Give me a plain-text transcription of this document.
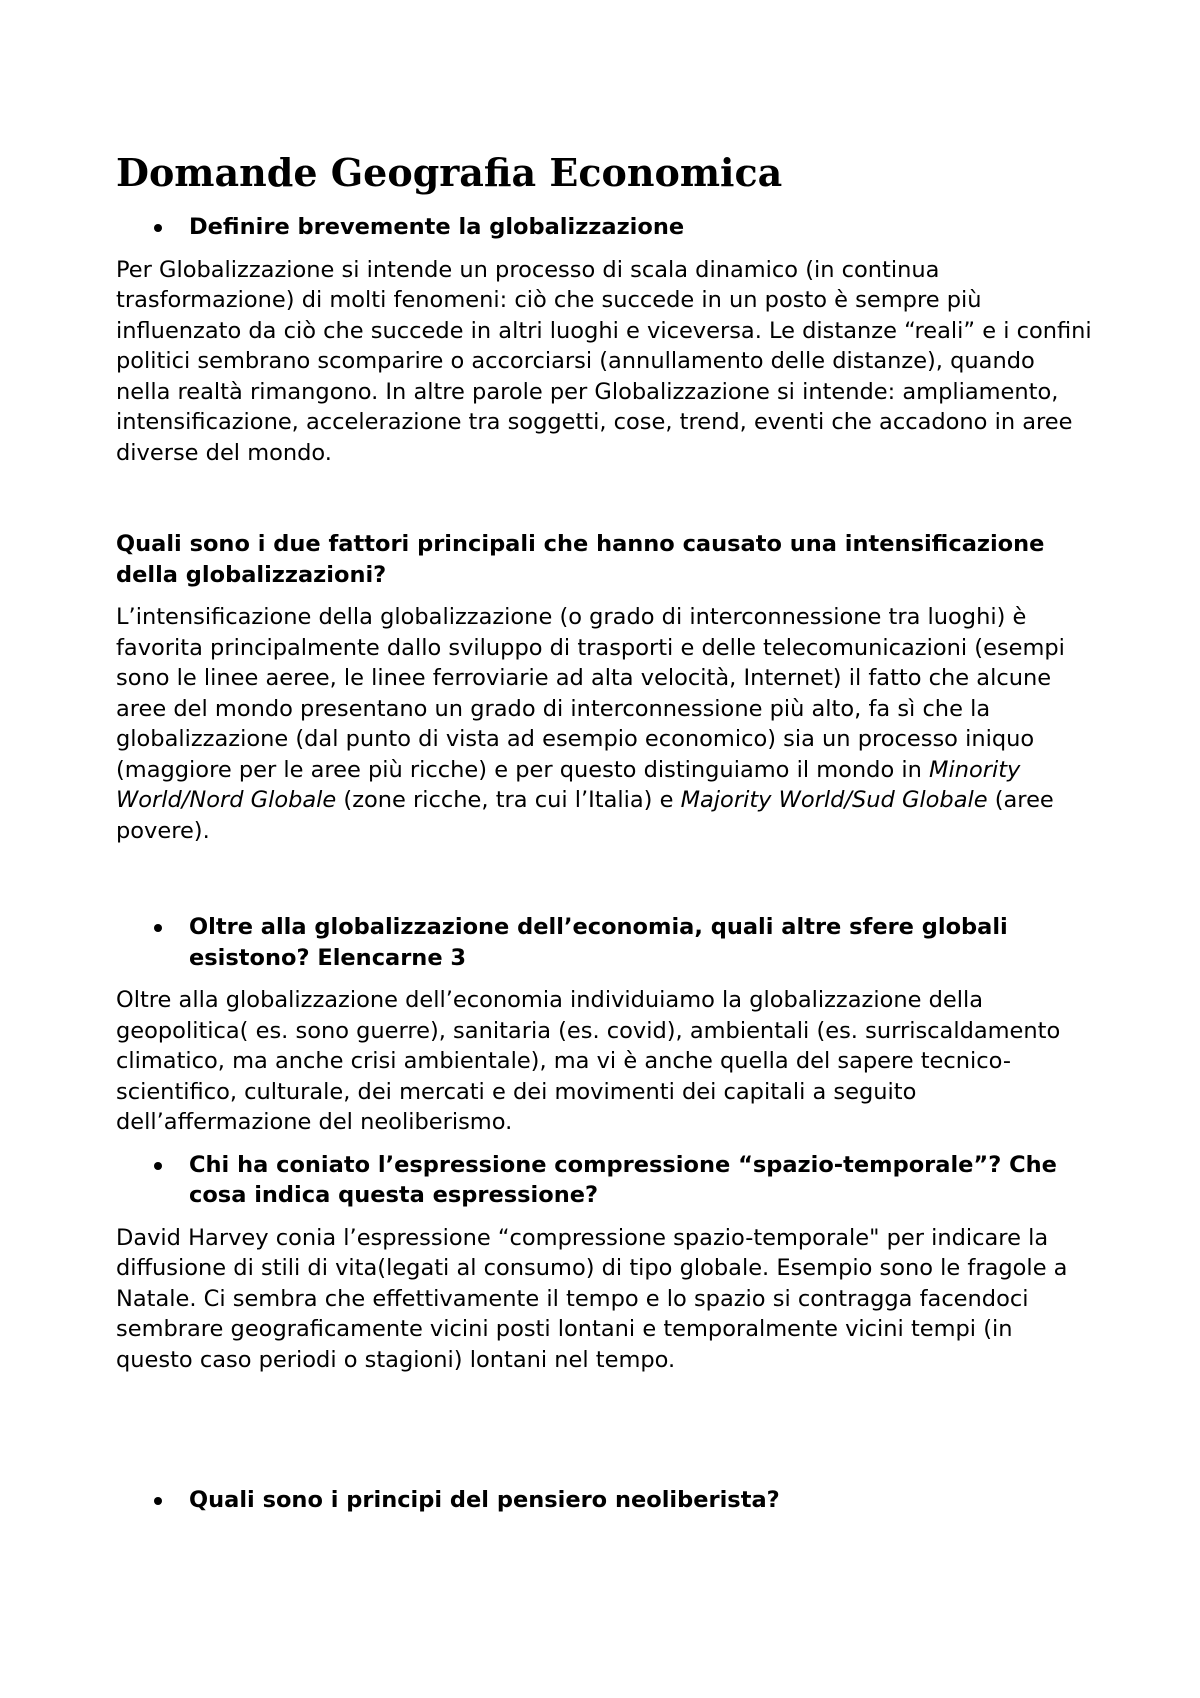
Domande Geografia Economica
Definire brevemente la globalizzazione

Per Globalizzazione si intende un processo di scala dinamico (in continua trasformazione) di molti fenomeni: ciò che succede in un posto è sempre più influenzato da ciò che succede in altri luoghi e viceversa. Le distanze “reali” e i confini politici sembrano scomparire o accorciarsi (annullamento delle distanze), quando nella realtà rimangono. In altre parole per Globalizzazione si intende: ampliamento, intensificazione, accelerazione tra soggetti, cose, trend, eventi che accadono in aree diverse del mondo.

Quali sono i due fattori principali che hanno causato una intensificazione della globalizzazioni?

L’intensificazione della globalizzazione (o grado di interconnessione tra luoghi) è favorita principalmente dallo sviluppo di trasporti e delle telecomunicazioni (esempi sono le linee aeree, le linee ferroviarie ad alta velocità, Internet) il fatto che alcune aree del mondo presentano un grado di interconnessione più alto, fa sì che la globalizzazione (dal punto di vista ad esempio economico) sia un processo iniquo (maggiore per le aree più ricche) e per questo distinguiamo il mondo in Minority World/Nord Globale (zone ricche, tra cui l’Italia) e Majority World/Sud Globale (aree povere).

Oltre alla globalizzazione dell’economia, quali altre sfere globali esistono? Elencarne 3

Oltre alla globalizzazione dell’economia individuiamo la globalizzazione della geopolitica( es. sono guerre), sanitaria (es. covid), ambientali (es. surriscaldamento climatico, ma anche crisi ambientale), ma vi è anche quella del sapere tecnico-scientifico, culturale, dei mercati e dei movimenti dei capitali a seguito dell’affermazione del neoliberismo.

Chi ha coniato l’espressione compressione “spazio-temporale”? Che cosa indica questa espressione?

David Harvey conia l’espressione “compressione spazio-temporale" per indicare la diffusione di stili di vita(legati al consumo) di tipo globale. Esempio sono le fragole a Natale. Ci sembra che effettivamente il tempo e lo spazio si contragga facendoci sembrare geograficamente vicini posti lontani e temporalmente vicini tempi (in questo caso periodi o stagioni) lontani nel tempo.

Quali sono i principi del pensiero neoliberista?
